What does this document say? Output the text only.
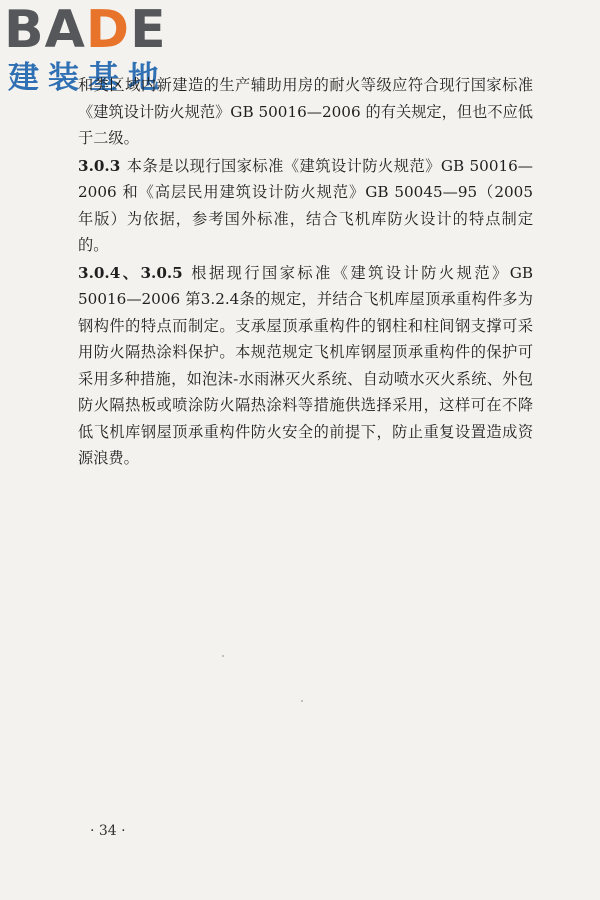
BADE
建装基地

和类区域内新建造的生产辅助用房的耐火等级应符合现行国家标准《建筑设计防火规范》GB 50016—2006 的有关规定，但也不应低于二级。

3.0.3 本条是以现行国家标准《建筑设计防火规范》GB 50016—2006 和《高层民用建筑设计防火规范》GB 50045—95（2005 年版）为依据，参考国外标准，结合飞机库防火设计的特点制定的。

3.0.4、3.0.5 根据现行国家标准《建筑设计防火规范》GB 50016—2006 第3.2.4条的规定，并结合飞机库屋顶承重构件多为钢构件的特点而制定。支承屋顶承重构件的钢柱和柱间钢支撑可采用防火隔热涂料保护。本规范规定飞机库钢屋顶承重构件的保护可采用多种措施，如泡沫-水雨淋灭火系统、自动喷水灭火系统、外包防火隔热板或喷涂防火隔热涂料等措施供选择采用，这样可在不降低飞机库钢屋顶承重构件防火安全的前提下，防止重复设置造成资源浪费。

· 34 ·
